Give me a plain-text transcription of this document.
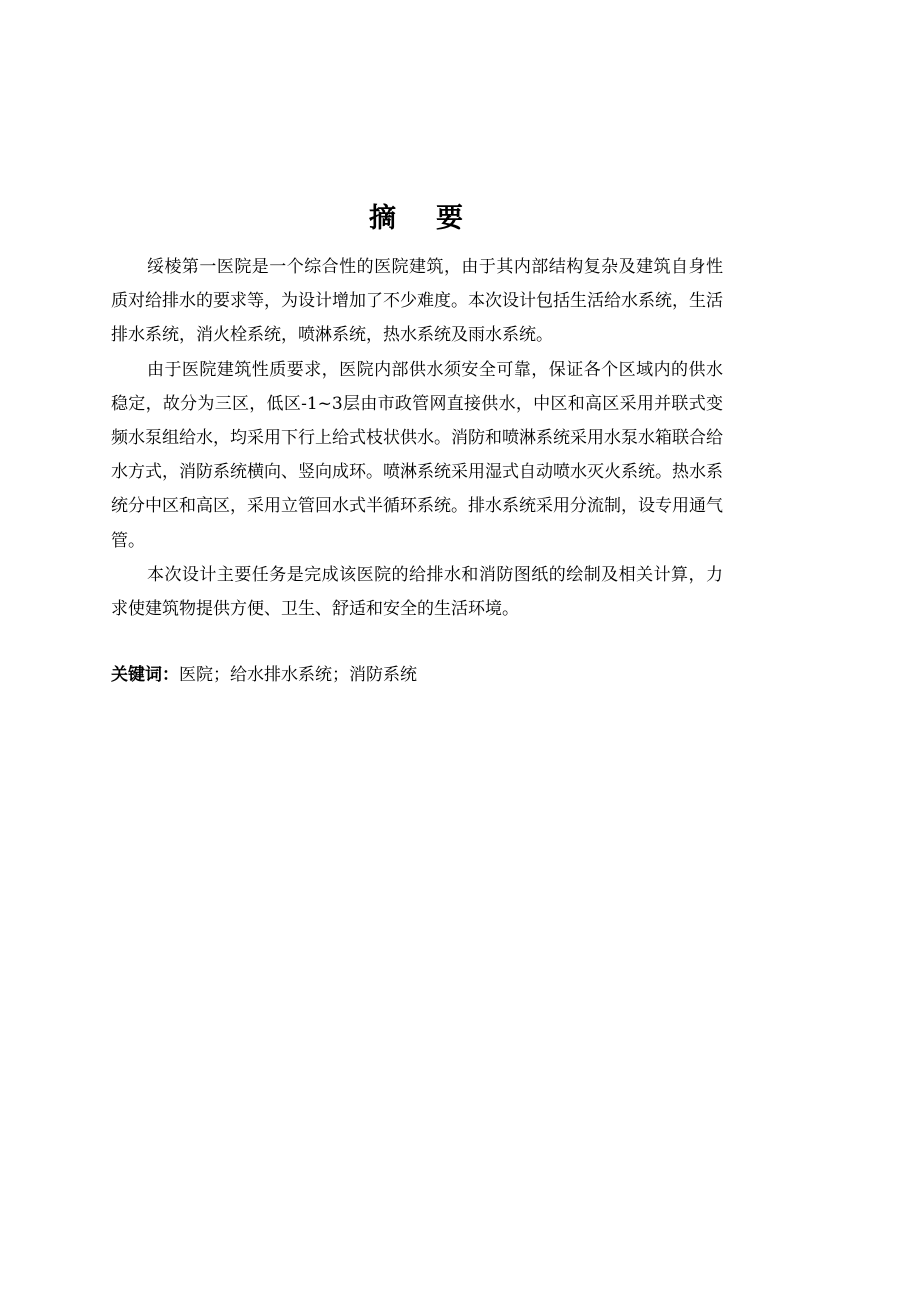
摘 要

绥棱第一医院是一个综合性的医院建筑，由于其内部结构复杂及建筑自身性质对给排水的要求等，为设计增加了不少难度。本次设计包括生活给水系统，生活排水系统，消火栓系统，喷淋系统，热水系统及雨水系统。

由于医院建筑性质要求，医院内部供水须安全可靠，保证各个区域内的供水稳定，故分为三区，低区-1~3层由市政管网直接供水，中区和高区采用并联式变频水泵组给水，均采用下行上给式枝状供水。消防和喷淋系统采用水泵水箱联合给水方式，消防系统横向、竖向成环。喷淋系统采用湿式自动喷水灭火系统。热水系统分中区和高区，采用立管回水式半循环系统。排水系统采用分流制，设专用通气管。

本次设计主要任务是完成该医院的给排水和消防图纸的绘制及相关计算，力求使建筑物提供方便、卫生、舒适和安全的生活环境。

关键词：医院；给水排水系统；消防系统
